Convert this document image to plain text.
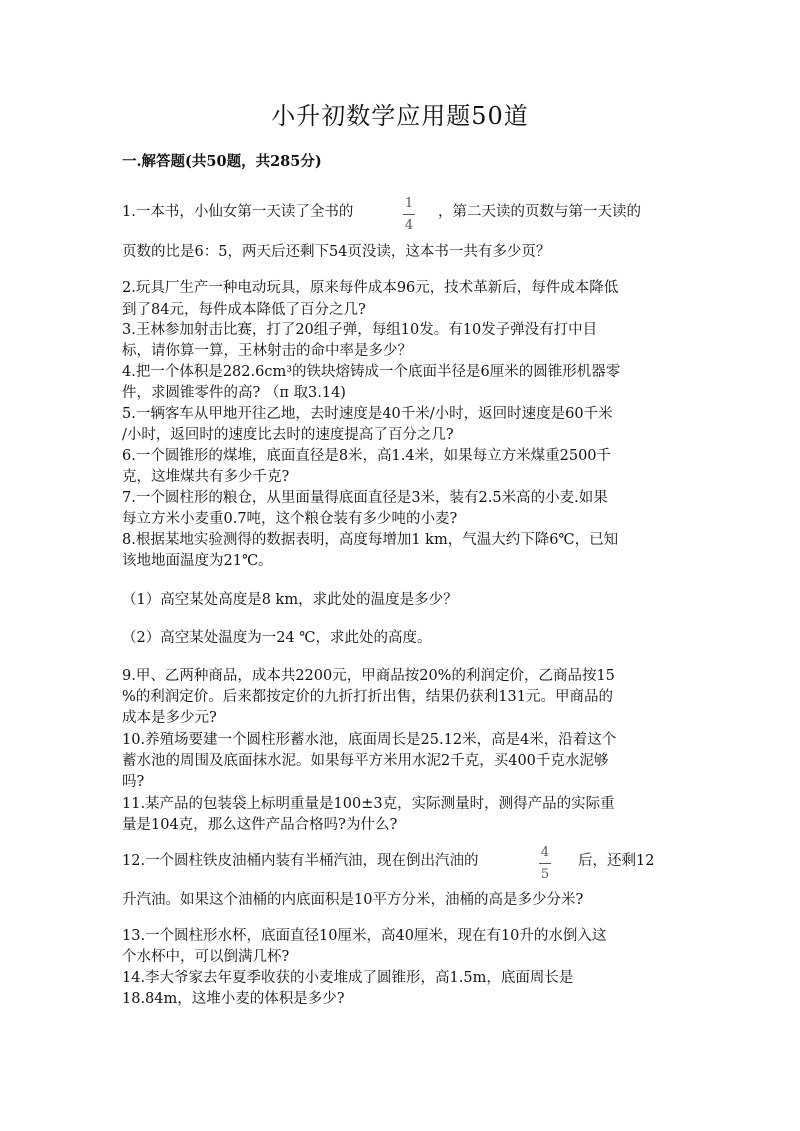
小升初数学应用题50道
一.解答题(共50题，共285分)
1.一本书，小仙女第一天读了全书的
1
4
，第二天读的页数与第一天读的
页数的比是6：5，两天后还剩下54页没读，这本书一共有多少页？
2.玩具厂生产一种电动玩具，原来每件成本96元，技术革新后，每件成本降低
到了84元，每件成本降低了百分之几?
3.王林参加射击比赛，打了20组子弹，每组10发。有10发子弹没有打中目
标，请你算一算，王林射击的命中率是多少？
4.把一个体积是282.6cm³的铁块熔铸成一个底面半径是6厘米的圆锥形机器零
件，求圆锥零件的高? （π 取3.14)
5.一辆客车从甲地开往乙地，去时速度是40千米/小时，返回时速度是60千米
/小时，返回时的速度比去时的速度提高了百分之几?
6.一个圆锥形的煤堆，底面直径是8米，高1.4米，如果每立方米煤重2500千
克，这堆煤共有多少千克?
7.一个圆柱形的粮仓，从里面量得底面直径是3米，装有2.5米高的小麦.如果
每立方米小麦重0.7吨，这个粮仓装有多少吨的小麦?
8.根据某地实验测得的数据表明，高度每增加1 km，气温大约下降6℃，已知
该地地面温度为21℃。
（1）高空某处高度是8 km，求此处的温度是多少？
（2）高空某处温度为一24 ℃，求此处的高度。
9.甲、乙两种商品，成本共2200元，甲商品按20%的利润定价，乙商品按15
%的利润定价。后来都按定价的九折打折出售，结果仍获利131元。甲商品的
成本是多少元?
10.养殖场要建一个圆柱形蓄水池，底面周长是25.12米，高是4米，沿着这个
蓄水池的周围及底面抹水泥。如果每平方米用水泥2千克，买400千克水泥够
吗?
11.某产品的包装袋上标明重量是100±3克，实际测量时，测得产品的实际重
量是104克，那么这件产品合格吗?为什么?
12.一个圆柱铁皮油桶内装有半桶汽油，现在倒出汽油的
4
5
后，还剩12
升汽油。如果这个油桶的内底面积是10平方分米，油桶的高是多少分米?
13.一个圆柱形水杯，底面直径10厘米，高40厘米，现在有10升的水倒入这
个水杯中，可以倒满几杯?
14.李大爷家去年夏季收获的小麦堆成了圆锥形，高1.5m，底面周长是
18.84m，这堆小麦的体积是多少?
